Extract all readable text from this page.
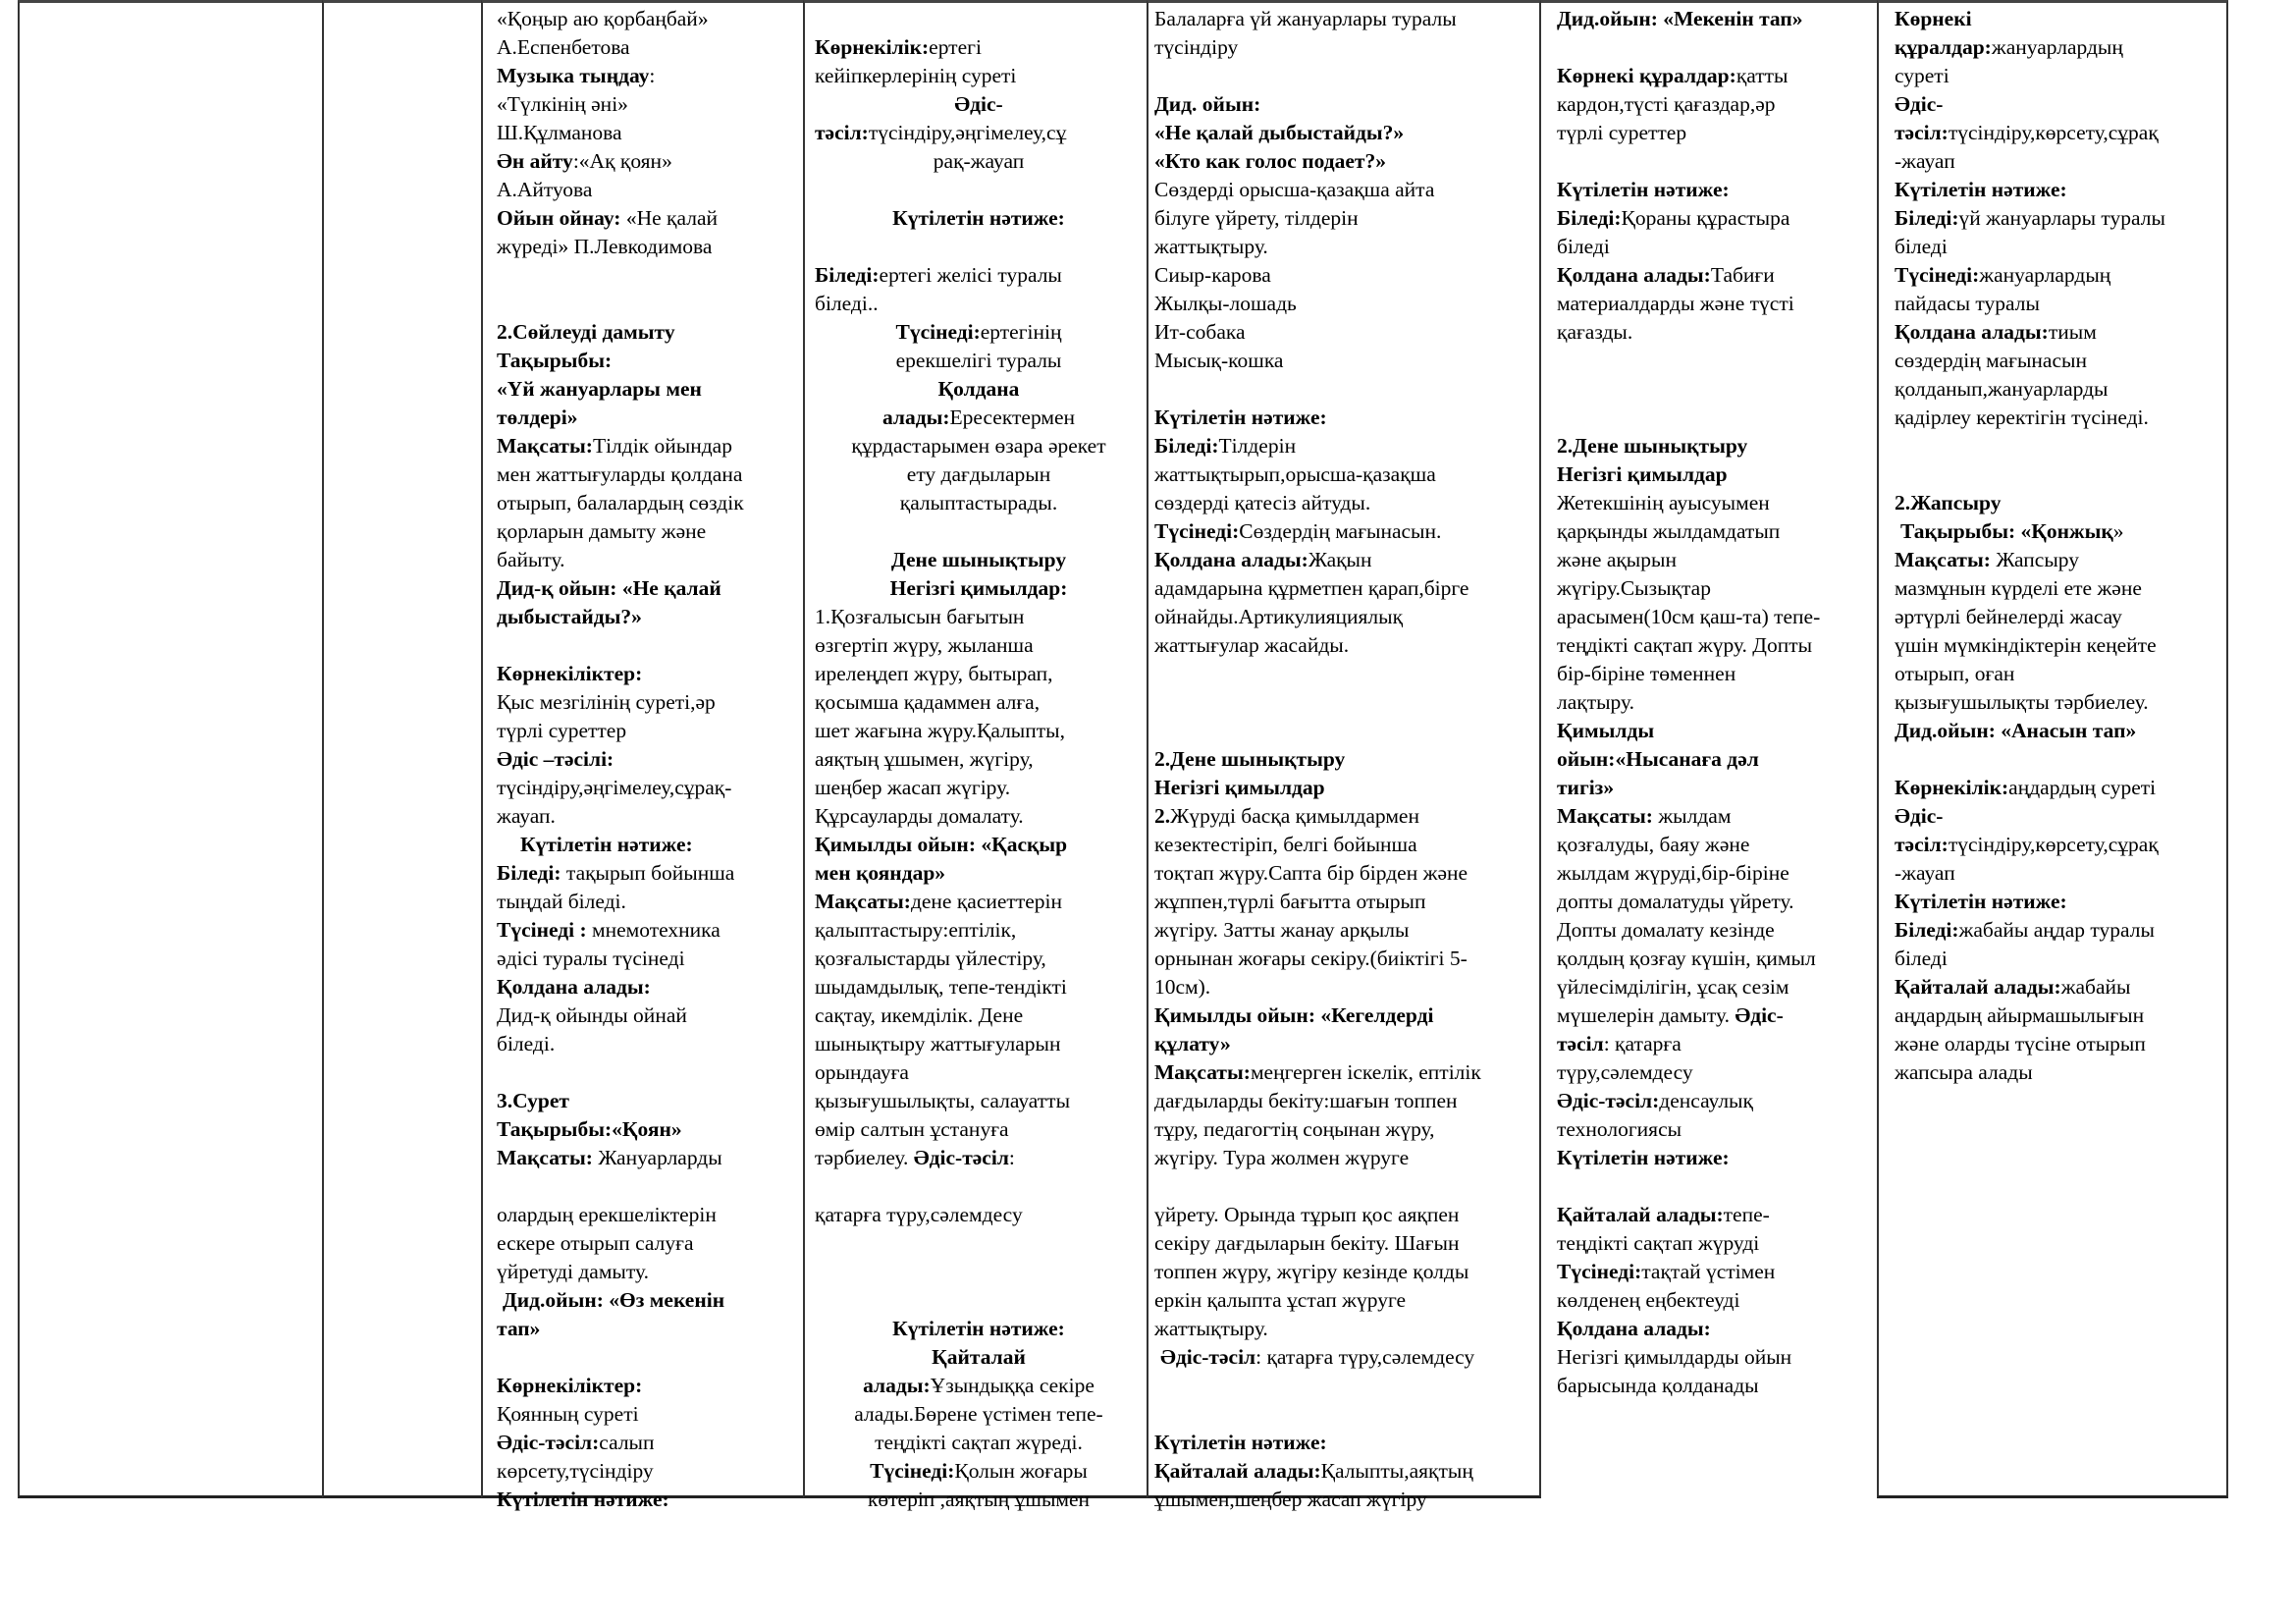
«Қоңыр аю қорбаңбай»
А.Еспенбетова
Музыка тыңдау:
«Түлкінің әні»
Ш.Құлманова
Ән айту:«Ақ қоян»
А.Айтуова
Ойын ойнау: «Не қалай
жүреді» П.Левкодимова
2.Сөйлеуді дамыту
Тақырыбы:
«Үй жануарлары мен
төлдері»
Мақсаты:Тілдік ойындар
мен жаттығуларды қолдана
отырып, балалардың сөздік
қорларын дамыту және
байыту.
Дид-қ ойын: «Не қалай
дыбыстайды?»
Көрнекіліктер:
Қыс мезгілінің суреті,әр
түрлі суреттер
Әдіс –тәсілі:
түсіндіру,әңгімелеу,сұрақ-
жауап.
Күтілетін нәтиже:
Біледі: тақырып бойынша
тыңдай біледі.
Түсінеді : мнемотехника
әдісі туралы түсінеді
Қолдана алады:
Дид-қ ойынды ойнай
біледі.
3.Сурет
Тақырыбы:«Қоян»
Мақсаты: Жануарларды
олардың ерекшеліктерін
ескере отырып салуға
үйретуді дамыту.
Дид.ойын: «Өз мекенін
тап»
Көрнекіліктер:
Қоянның суреті
Әдіс-тәсіл:салып
көрсету,түсіндіру
Күтілетін нәтиже:
Көрнекілік:ертегі
кейіпкерлерінің суреті
Әдіс-
тәсіл:түсіндіру,әңгімелеу,сұ
рақ-жауап
Күтілетін нәтиже:
Біледі:ертегі желісі туралы
біледі..
Түсінеді:ертегінің
ерекшелігі туралы
Қолдана
алады:Ересектермен
құрдастарымен өзара әрекет
ету дағдыларын
қалыптастырады.
Дене шынықтыру
Негізгі қимылдар:
1.Қозғалысын бағытын
өзгертіп жүру, жыланша
ирелеңдеп жүру, бытырап,
қосымша қадаммен алға,
шет жағына жүру.Қалыпты,
аяқтың ұшымен, жүгіру,
шеңбер жасап жүгіру.
Құрсауларды домалату.
Қимылды ойын: «Қасқыр
мен қояндар»
Мақсаты:дене қасиеттерін
қалыптастыру:ептілік,
қозғалыстарды үйлестіру,
шыдамдылық, тепе-тендікті
сақтау, икемділік. Дене
шынықтыру жаттығуларын
орындауға
қызығушылықты, салауатты
өмір салтын ұстануға
тәрбиелеу. Әдіс-тәсіл:
қатарға түру,сәлемдесу
Күтілетін нәтиже:
Қайталай
алады:Ұзындыққа секіре
алады.Бөрене үстімен тепе-
теңдікті сақтап жүреді.
Түсінеді:Қолын жоғары
көтеріп ,аяқтың ұшымен
Балаларға үй жануарлары туралы
түсіндіру
Дид. ойын:
«Не қалай дыбыстайды?»
«Кто как голос подает?»
Сөздерді орысша-қазақша айта
білуге үйрету, тілдерін
жаттықтыру.
Сиыр-карова
Жылқы-лошадь
Ит-собака
Мысық-кошка
Күтілетін нәтиже:
Біледі:Тілдерін
жаттықтырып,орысша-қазақша
сөздерді қатесіз айтуды.
Түсінеді:Сөздердің мағынасын.
Қолдана алады:Жақын
адамдарына құрметпен қарап,бірге
ойнайды.Артикулияциялық
жаттығулар жасайды.
2.Дене шынықтыру
Негізгі қимылдар
2.Жүруді басқа қимылдармен
кезектестіріп, белгі бойынша
тоқтап жүру.Сапта бір бірден және
жұппен,түрлі бағытта отырып
жүгіру. Затты жанау арқылы
орнынан жоғары секіру.(биіктігі 5-
10см).
Қимылды ойын: «Кегелдерді
құлату»
Мақсаты:меңгерген іскелік, ептілік
дағдыларды бекіту:шағын топпен
тұру, педагогтің соңынан жүру,
жүгіру. Тура жолмен жүруге
үйрету. Орында тұрып қос аяқпен
секіру дағдыларын бекіту. Шағын
топпен жүру, жүгіру кезінде қолды
еркін қалыпта ұстап жүруге
жаттықтыру.
Әдіс-тәсіл: қатарға түру,сәлемдесу
Күтілетін нәтиже:
Қайталай алады:Қалыпты,аяқтың
ұшымен,шеңбер жасап жүгіру
Дид.ойын: «Мекенін тап»
Көрнекі құралдар:қатты
кардон,түсті қағаздар,әр
түрлі суреттер
Күтілетін нәтиже:
Біледі:Қораны құрастыра
біледі
Қолдана алады:Табиғи
материалдарды және түсті
қағазды.
2.Дене шынықтыру
Негізгі қимылдар
Жетекшінің ауысуымен
қарқынды жылдамдатып
және ақырын
жүгіру.Сызықтар
арасымен(10см қаш-та) тепе-
теңдікті сақтап жүру. Допты
бір-біріне төменнен
лақтыру.
Қимылды
ойын:«Нысанаға дәл
тигіз»
Мақсаты: жылдам
қозғалуды, баяу және
жылдам жүруді,бір-біріне
допты домалатуды үйрету.
Допты домалату кезінде
қолдың қозғау күшін, қимыл
үйлесімділігін, ұсақ сезім
мүшелерін дамыту. Әдіс-
тәсіл: қатарға
түру,сәлемдесу
Әдіс-тәсіл:денсаулық
технологиясы
Күтілетін нәтиже:
Қайталай алады:тепе-
теңдікті сақтап жүруді
Түсінеді:тақтай үстімен
көлденең еңбектеуді
Қолдана алады:
Негізгі қимылдарды ойын
барысында қолданады
Көрнекі
құралдар:жануарлардың
суреті
Әдіс-
тәсіл:түсіндіру,көрсету,сұрақ
-жауап
Күтілетін нәтиже:
Біледі:үй жануарлары туралы
біледі
Түсінеді:жануарлардың
пайдасы туралы
Қолдана алады:тиым
сөздердің мағынасын
қолданып,жануарларды
қадірлеу керектігін түсінеді.
2.Жапсыру
Тақырыбы: «Қонжық»
Мақсаты: Жапсыру
мазмұнын күрделі ете және
әртүрлі бейнелерді жасау
үшін мүмкіндіктерін кеңейте
отырып, оған
қызығушылықты тәрбиелеу.
Дид.ойын: «Анасын тап»
Көрнекілік:аңдардың суреті
Әдіс-
тәсіл:түсіндіру,көрсету,сұрақ
-жауап
Күтілетін нәтиже:
Біледі:жабайы аңдар туралы
біледі
Қайталай алады:жабайы
аңдардың айырмашылығын
және оларды түсіне отырып
жапсыра алады
